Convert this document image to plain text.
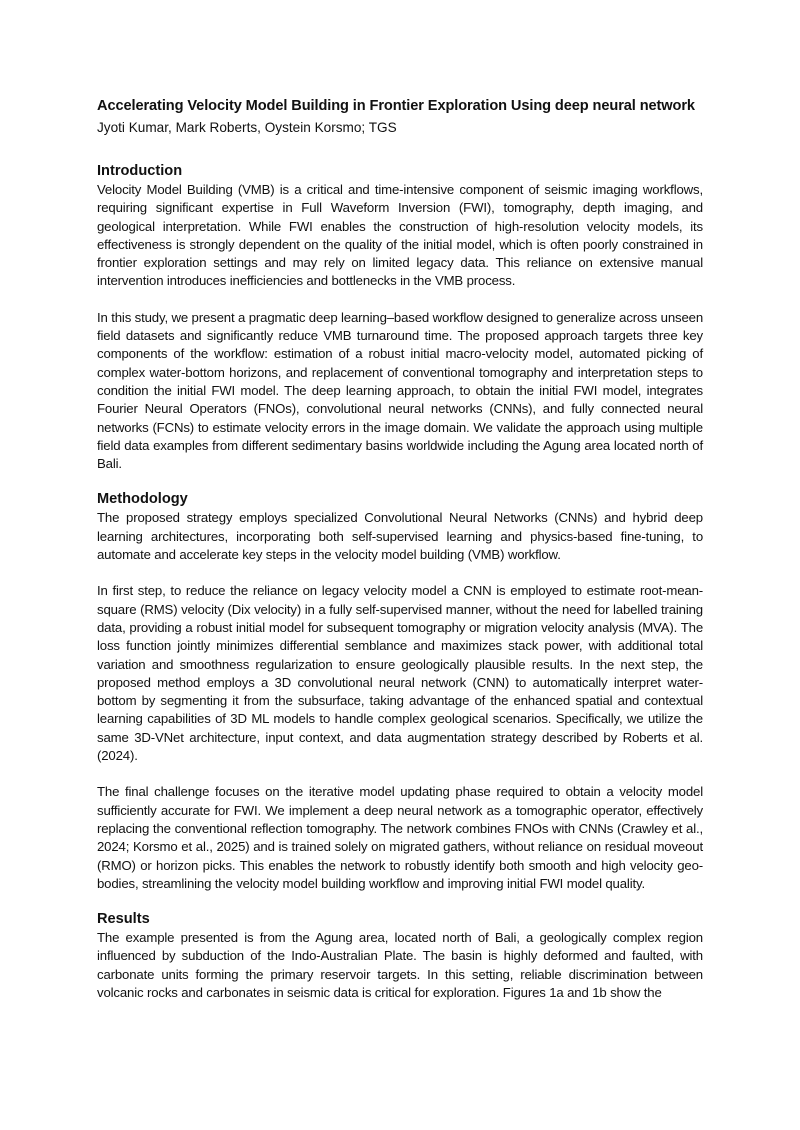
Accelerating Velocity Model Building in Frontier Exploration Using deep neural network
Jyoti Kumar, Mark Roberts, Oystein Korsmo; TGS
Introduction

Velocity Model Building (VMB) is a critical and time-intensive component of seismic imaging workflows, requiring significant expertise in Full Waveform Inversion (FWI), tomography, depth imaging, and geological interpretation. While FWI enables the construction of high-resolution velocity models, its effectiveness is strongly dependent on the quality of the initial model, which is often poorly constrained in frontier exploration settings and may rely on limited legacy data. This reliance on extensive manual intervention introduces inefficiencies and bottlenecks in the VMB process.

In this study, we present a pragmatic deep learning–based workflow designed to generalize across unseen field datasets and significantly reduce VMB turnaround time. The proposed approach targets three key components of the workflow: estimation of a robust initial macro-velocity model, automated picking of complex water-bottom horizons, and replacement of conventional tomography and interpretation steps to condition the initial FWI model. The deep learning approach, to obtain the initial FWI model, integrates Fourier Neural Operators (FNOs), convolutional neural networks (CNNs), and fully connected neural networks (FCNs) to estimate velocity errors in the image domain. We validate the approach using multiple field data examples from different sedimentary basins worldwide including the Agung area located north of Bali.

Methodology

The proposed strategy employs specialized Convolutional Neural Networks (CNNs) and hybrid deep learning architectures, incorporating both self-supervised learning and physics-based fine-tuning, to automate and accelerate key steps in the velocity model building (VMB) workflow.

In first step, to reduce the reliance on legacy velocity model a CNN is employed to estimate root-mean-square (RMS) velocity (Dix velocity) in a fully self-supervised manner, without the need for labelled training data, providing a robust initial model for subsequent tomography or migration velocity analysis (MVA). The loss function jointly minimizes differential semblance and maximizes stack power, with additional total variation and smoothness regularization to ensure geologically plausible results. In the next step, the proposed method employs a 3D convolutional neural network (CNN) to automatically interpret water-bottom by segmenting it from the subsurface, taking advantage of the enhanced spatial and contextual learning capabilities of 3D ML models to handle complex geological scenarios. Specifically, we utilize the same 3D-VNet architecture, input context, and data augmentation strategy described by Roberts et al. (2024).

The final challenge focuses on the iterative model updating phase required to obtain a velocity model sufficiently accurate for FWI. We implement a deep neural network as a tomographic operator, effectively replacing the conventional reflection tomography. The network combines FNOs with CNNs (Crawley et al., 2024; Korsmo et al., 2025) and is trained solely on migrated gathers, without reliance on residual moveout (RMO) or horizon picks. This enables the network to robustly identify both smooth and high velocity geo-bodies, streamlining the velocity model building workflow and improving initial FWI model quality.

Results

The example presented is from the Agung area, located north of Bali, a geologically complex region influenced by subduction of the Indo-Australian Plate. The basin is highly deformed and faulted, with carbonate units forming the primary reservoir targets. In this setting, reliable discrimination between volcanic rocks and carbonates in seismic data is critical for exploration. Figures 1a and 1b show the
